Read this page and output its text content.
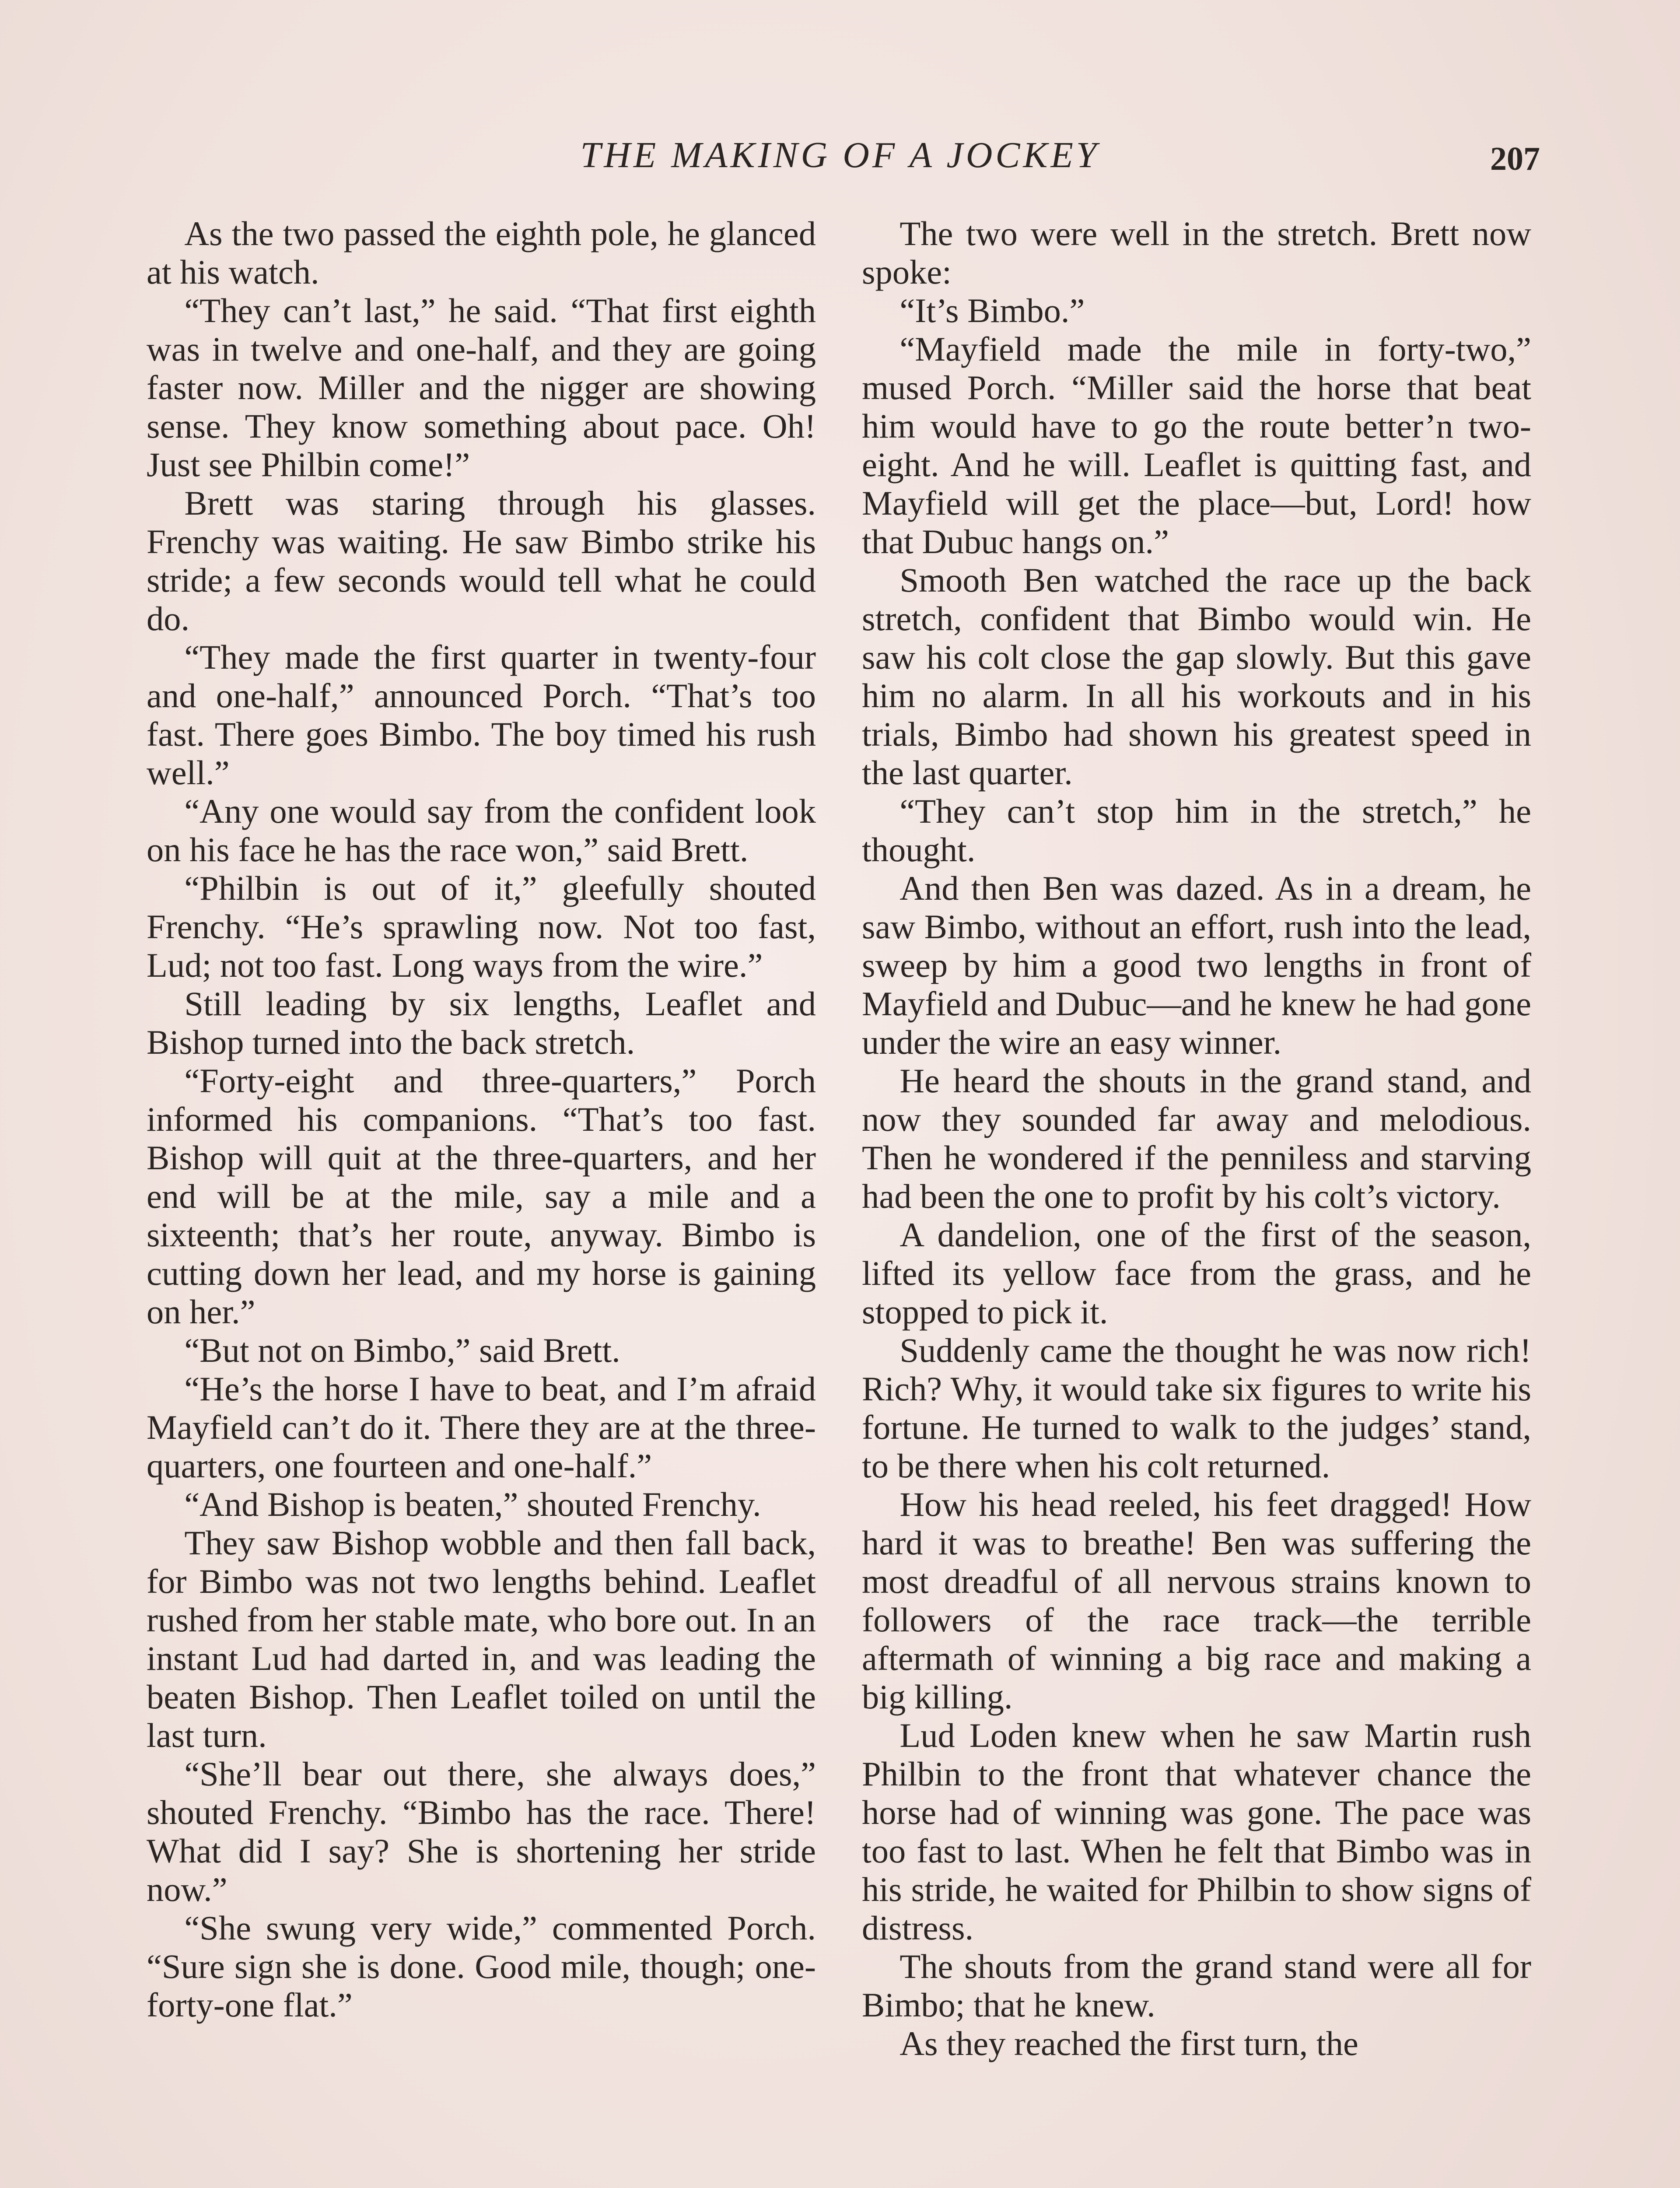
THE MAKING OF A JOCKEY	207

As the two passed the eighth pole, he glanced at his watch.

“They can’t last,” he said. “That first eighth was in twelve and one-half, and they are going faster now. Miller and the nigger are showing sense. They know something about pace. Oh! Just see Philbin come!”

Brett was staring through his glasses. Frenchy was waiting. He saw Bimbo strike his stride; a few seconds would tell what he could do.

“They made the first quarter in twenty-four and one-half,” announced Porch. “That’s too fast. There goes Bimbo. The boy timed his rush well.”

“Any one would say from the confident look on his face he has the race won,” said Brett.

“Philbin is out of it,” gleefully shouted Frenchy. “He’s sprawling now. Not too fast, Lud; not too fast. Long ways from the wire.”

Still leading by six lengths, Leaflet and Bishop turned into the back stretch.

“Forty-eight and three-quarters,” Porch informed his companions. “That’s too fast. Bishop will quit at the three-quarters, and her end will be at the mile, say a mile and a sixteenth; that’s her route, anyway. Bimbo is cutting down her lead, and my horse is gaining on her.”

“But not on Bimbo,” said Brett.

“He’s the horse I have to beat, and I’m afraid Mayfield can’t do it. There they are at the three-quarters, one fourteen and one-half.”

“And Bishop is beaten,” shouted Frenchy.

They saw Bishop wobble and then fall back, for Bimbo was not two lengths behind. Leaflet rushed from her stable mate, who bore out. In an instant Lud had darted in, and was leading the beaten Bishop. Then Leaflet toiled on until the last turn.

“She’ll bear out there, she always does,” shouted Frenchy. “Bimbo has the race. There! What did I say? She is shortening her stride now.”

“She swung very wide,” commented Porch. “Sure sign she is done. Good mile, though; one-forty-one flat.”

The two were well in the stretch. Brett now spoke:

“It’s Bimbo.”

“Mayfield made the mile in forty-two,” mused Porch. “Miller said the horse that beat him would have to go the route better’n two-eight. And he will. Leaflet is quitting fast, and Mayfield will get the place—but, Lord! how that Dubuc hangs on.”

Smooth Ben watched the race up the back stretch, confident that Bimbo would win. He saw his colt close the gap slowly. But this gave him no alarm. In all his workouts and in his trials, Bimbo had shown his greatest speed in the last quarter.

“They can’t stop him in the stretch,” he thought.

And then Ben was dazed. As in a dream, he saw Bimbo, without an effort, rush into the lead, sweep by him a good two lengths in front of Mayfield and Dubuc—and he knew he had gone under the wire an easy winner.

He heard the shouts in the grand stand, and now they sounded far away and melodious. Then he wondered if the penniless and starving had been the one to profit by his colt’s victory.

A dandelion, one of the first of the season, lifted its yellow face from the grass, and he stopped to pick it.

Suddenly came the thought he was now rich! Rich? Why, it would take six figures to write his fortune. He turned to walk to the judges’ stand, to be there when his colt returned.

How his head reeled, his feet dragged! How hard it was to breathe! Ben was suffering the most dreadful of all nervous strains known to followers of the race track—the terrible aftermath of winning a big race and making a big killing.

Lud Loden knew when he saw Martin rush Philbin to the front that whatever chance the horse had of winning was gone. The pace was too fast to last. When he felt that Bimbo was in his stride, he waited for Philbin to show signs of distress.

The shouts from the grand stand were all for Bimbo; that he knew.

As they reached the first turn, the
